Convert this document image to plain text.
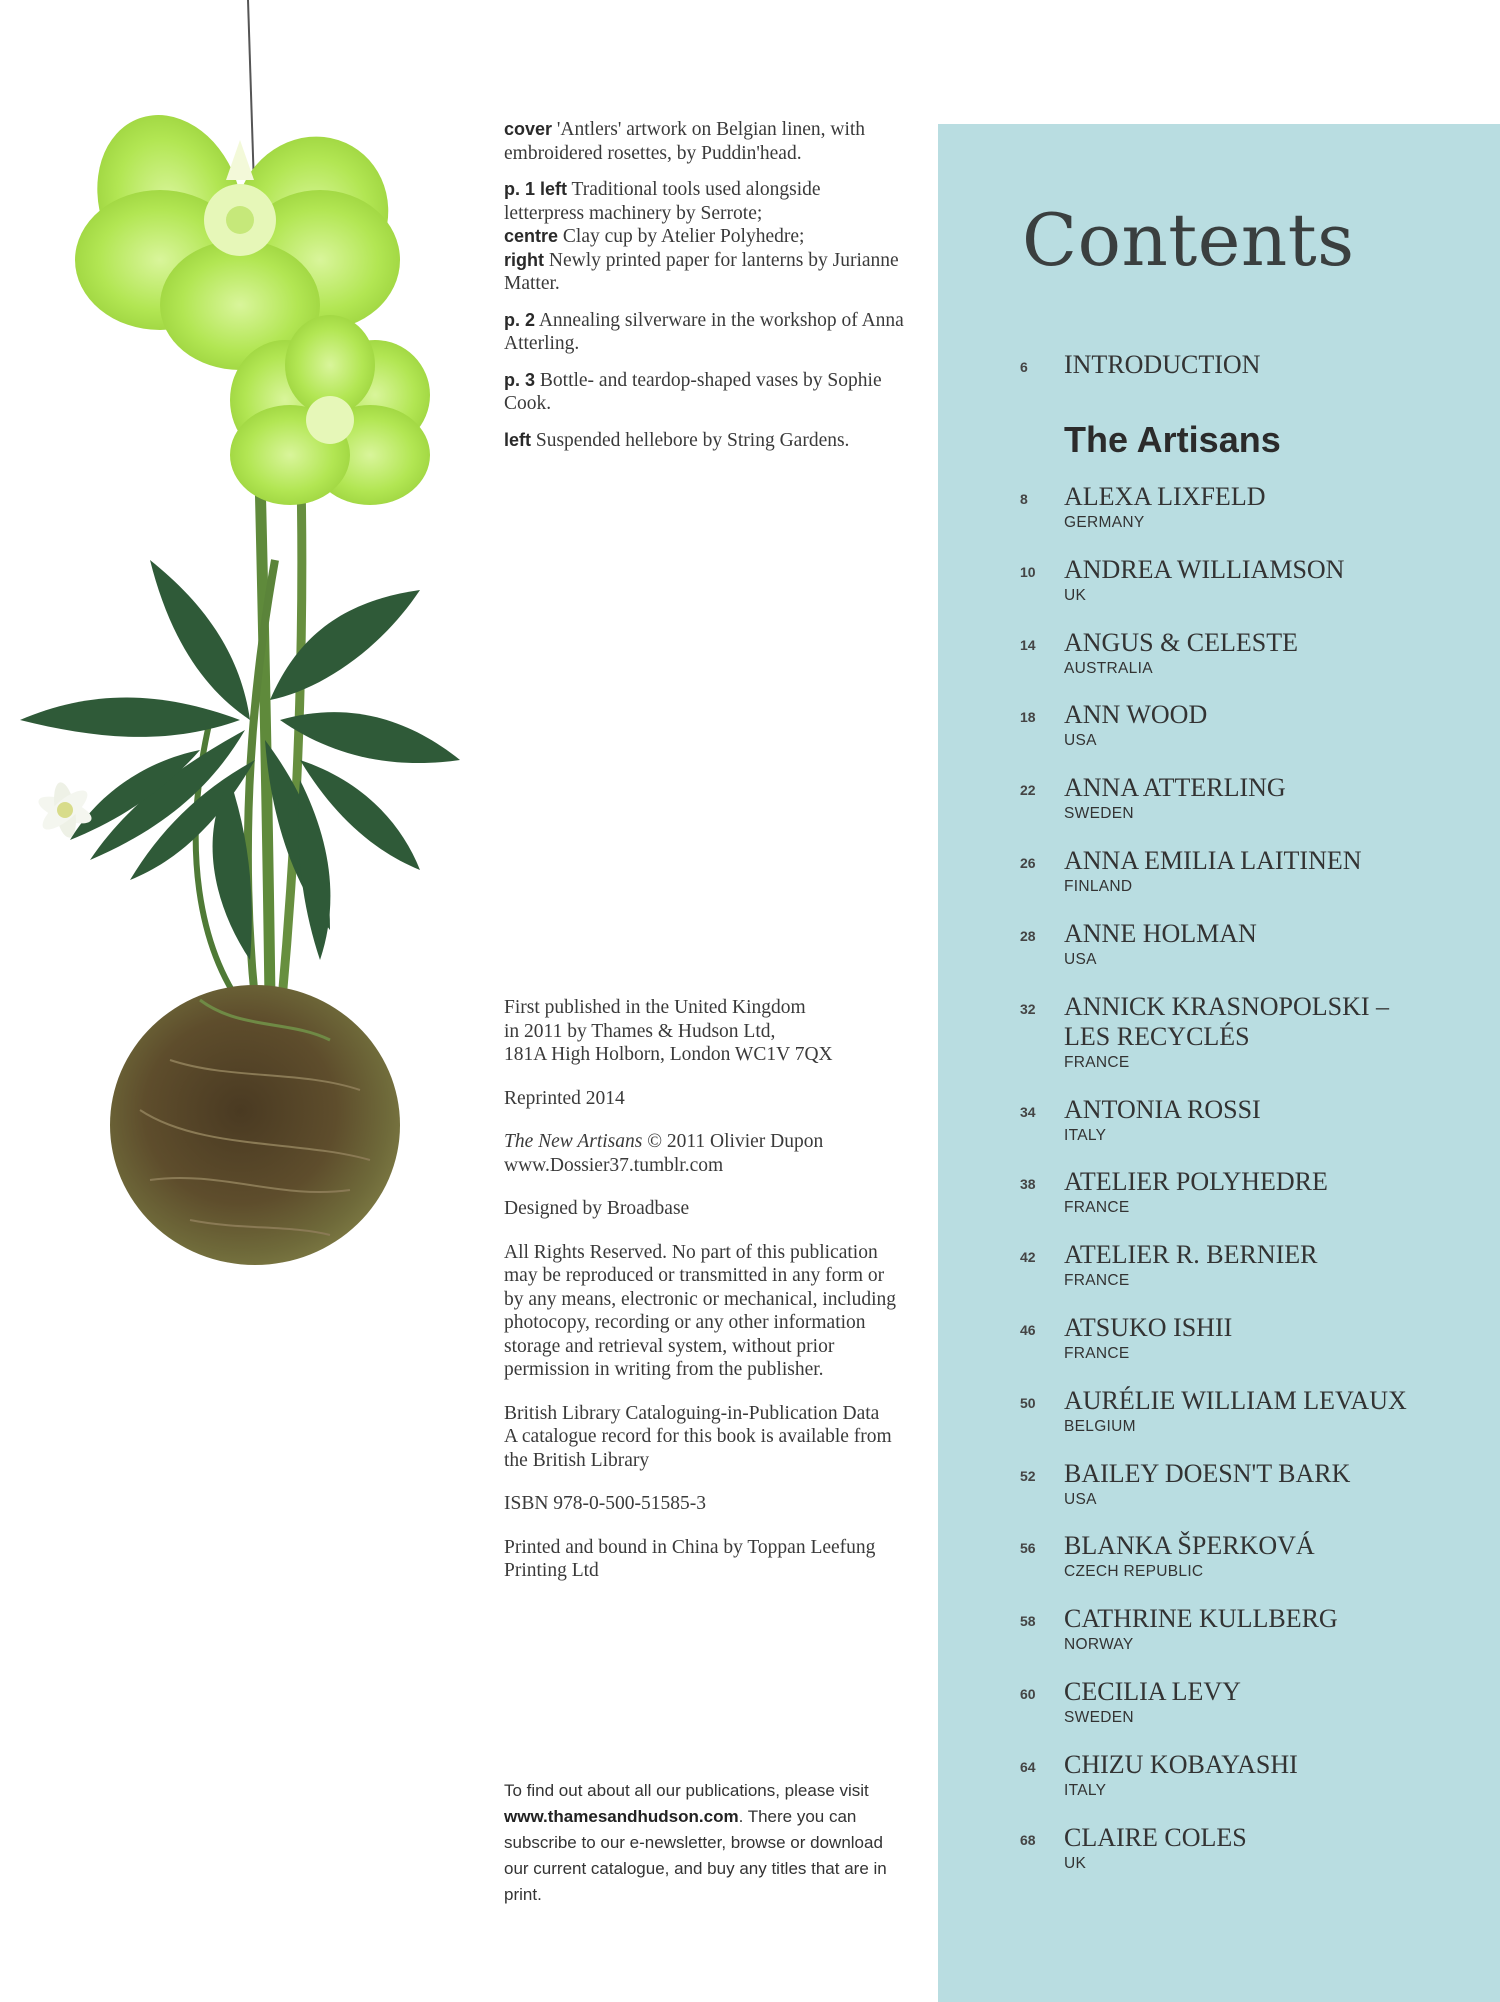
cover 'Antlers' artwork on Belgian linen, with embroidered rosettes, by Puddin'head.

p. 1 left Traditional tools used alongside letterpress machinery by Serrote;
centre Clay cup by Atelier Polyhedre;
right Newly printed paper for lanterns by Jurianne Matter.

p. 2 Annealing silverware in the workshop of Anna Atterling.

p. 3 Bottle- and teardop-shaped vases by Sophie Cook.

left Suspended hellebore by String Gardens.

First published in the United Kingdom
in 2011 by Thames & Hudson Ltd,
181A High Holborn, London WC1V 7QX

Reprinted 2014

The New Artisans © 2011 Olivier Dupon
www.Dossier37.tumblr.com

Designed by Broadbase

All Rights Reserved. No part of this publication may be reproduced or transmitted in any form or by any means, electronic or mechanical, including photocopy, recording or any other information storage and retrieval system, without prior permission in writing from the publisher.

British Library Cataloguing-in-Publication Data
A catalogue record for this book is available from the British Library

ISBN 978-0-500-51585-3

Printed and bound in China by Toppan Leefung Printing Ltd

To find out about all our publications, please visit www.thamesandhudson.com. There you can subscribe to our e-newsletter, browse or download our current catalogue, and buy any titles that are in print.
Contents
6	INTRODUCTION
The Artisans
8	ALEXA LIXFELD
GERMANY
10	ANDREA WILLIAMSON
UK
14	ANGUS & CELESTE
AUSTRALIA
18	ANN WOOD
USA
22	ANNA ATTERLING
SWEDEN
26	ANNA EMILIA LAITINEN
FINLAND
28	ANNE HOLMAN
USA
32	ANNICK KRASNOPOLSKI –
LES RECYCLÉS
FRANCE
34	ANTONIA ROSSI
ITALY
38	ATELIER POLYHEDRE
FRANCE
42	ATELIER R. BERNIER
FRANCE
46	ATSUKO ISHII
FRANCE
50	AURÉLIE WILLIAM LEVAUX
BELGIUM
52	BAILEY DOESN'T BARK
USA
56	BLANKA ŠPERKOVÁ
CZECH REPUBLIC
58	CATHRINE KULLBERG
NORWAY
60	CECILIA LEVY
SWEDEN
64	CHIZU KOBAYASHI
ITALY
68	CLAIRE COLES
UK
